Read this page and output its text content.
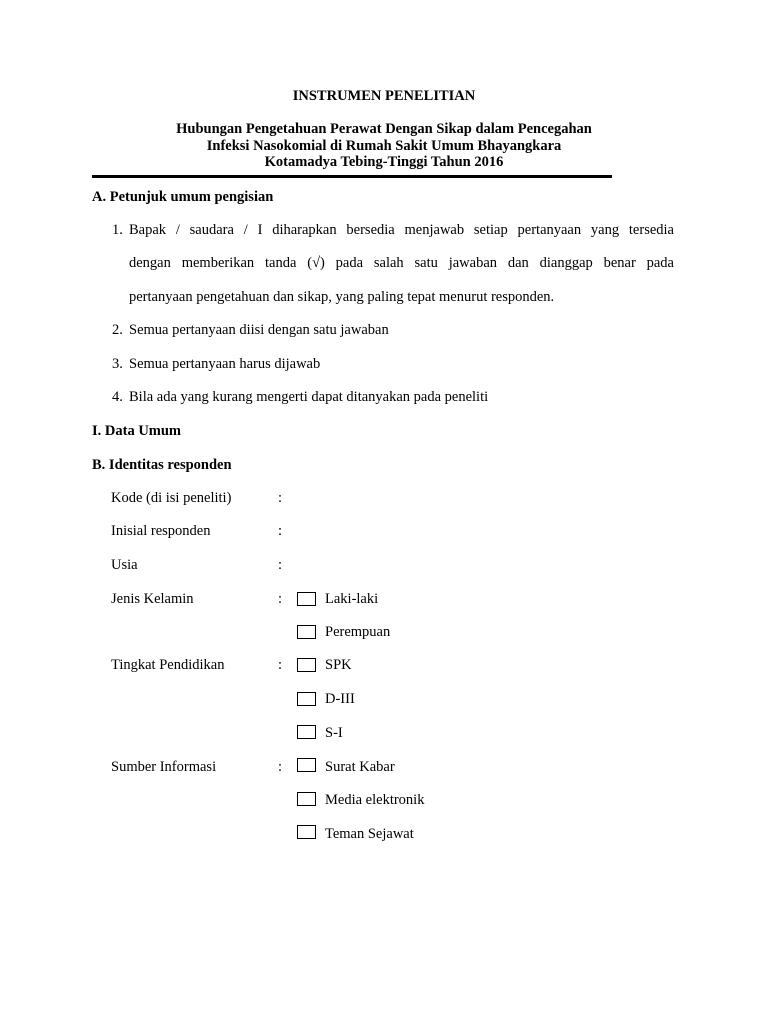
INSTRUMEN PENELITIAN
Hubungan Pengetahuan Perawat Dengan Sikap dalam Pencegahan
Infeksi Nasokomial di Rumah Sakit Umum Bhayangkara
Kotamadya Tebing-Tinggi Tahun 2016
A. Petunjuk umum pengisian
1. Bapak / saudara / I diharapkan bersedia menjawab setiap pertanyaan yang tersedia
dengan memberikan tanda (√) pada salah satu jawaban dan dianggap benar pada
pertanyaan pengetahuan dan sikap, yang paling tepat menurut responden.
2. Semua pertanyaan diisi dengan satu jawaban
3. Semua pertanyaan harus dijawab
4. Bila ada yang kurang mengerti dapat ditanyakan pada peneliti
I. Data Umum
B. Identitas responden
Kode (di isi peneliti)	:
Inisial responden	:
Usia	:
Jenis Kelamin	:	Laki-laki
Perempuan
Tingkat Pendidikan	:	SPK
D-III
S-I
Sumber Informasi	:	Surat Kabar
Media elektronik
Teman Sejawat
